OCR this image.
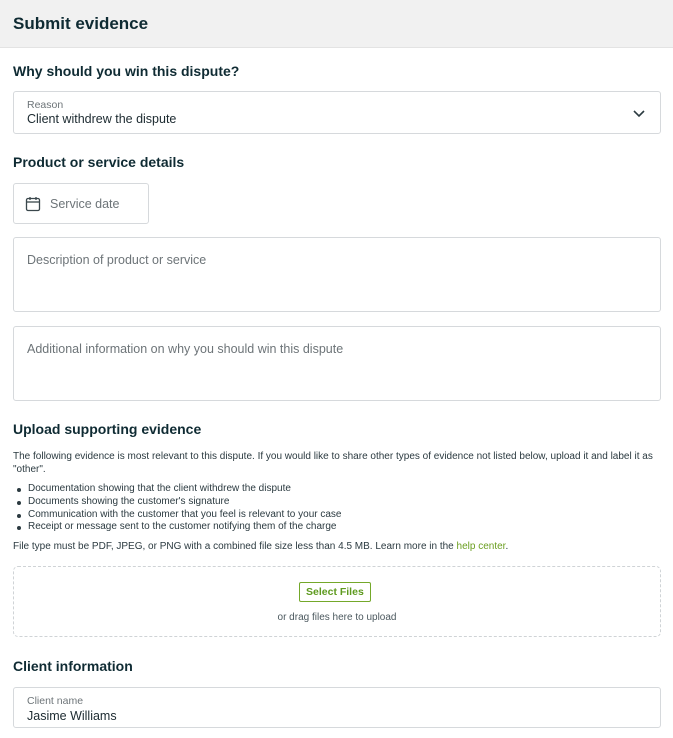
Submit evidence
Why should you win this dispute?
Reason
Client withdrew the dispute
Product or service details
Service date
Description of product or service
Additional information on why you should win this dispute
Upload supporting evidence

The following evidence is most relevant to this dispute. If you would like to share other types of evidence not listed below, upload it and label it as "other".

Documentation showing that the client withdrew the dispute
Documents showing the customer's signature
Communication with the customer that you feel is relevant to your case
Receipt or message sent to the customer notifying them of the charge

File type must be PDF, JPEG, or PNG with a combined file size less than 4.5 MB. Learn more in the help center.

Select Files
or drag files here to upload
Client information
Client name
Jasime Williams
